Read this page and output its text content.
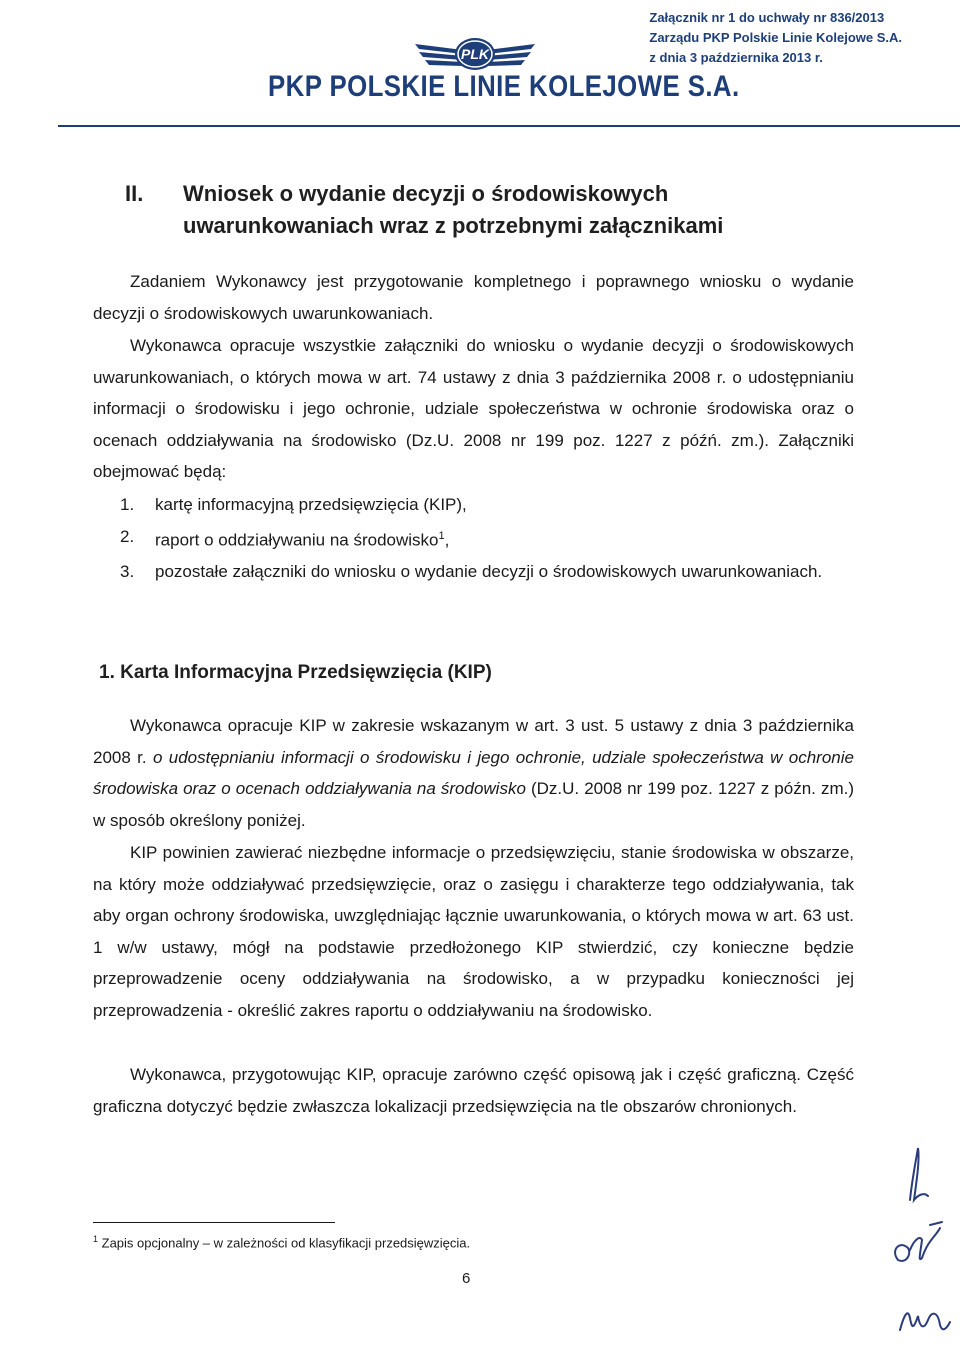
Załącznik nr 1 do uchwały nr 836/2013
Zarządu PKP Polskie Linie Kolejowe S.A.
z dnia 3 października 2013 r.
PLK
PKP POLSKIE LINIE KOLEJOWE S.A.
II. Wniosek o wydanie decyzji o środowiskowych uwarunkowaniach wraz z potrzebnymi załącznikami
Zadaniem Wykonawcy jest przygotowanie kompletnego i poprawnego wniosku o wydanie decyzji o środowiskowych uwarunkowaniach.
Wykonawca opracuje wszystkie załączniki do wniosku o wydanie decyzji o środowiskowych uwarunkowaniach, o których mowa w art. 74 ustawy z dnia 3 października 2008 r. o udostępnianiu informacji o środowisku i jego ochronie, udziale społeczeństwa w ochronie środowiska oraz o ocenach oddziaływania na środowisko (Dz.U. 2008 nr 199 poz. 1227 z późń. zm.). Załączniki obejmować będą:
1. kartę informacyjną przedsięwzięcia (KIP),
2. raport o oddziaływaniu na środowisko$^1$,
3. pozostałe załączniki do wniosku o wydanie decyzji o środowiskowych uwarunkowaniach.
1. Karta Informacyjna Przedsięwzięcia (KIP)
Wykonawca opracuje KIP w zakresie wskazanym w art. 3 ust. 5 ustawy z dnia 3 października 2008 r. o udostępnianiu informacji o środowisku i jego ochronie, udziale społeczeństwa w ochronie środowiska oraz o ocenach oddziaływania na środowisko (Dz.U. 2008 nr 199 poz. 1227 z późn. zm.) w sposób określony poniżej.
KIP powinien zawierać niezbędne informacje o przedsięwzięciu, stanie środowiska w obszarze, na który może oddziaływać przedsięwzięcie, oraz o zasięgu i charakterze tego oddziaływania, tak aby organ ochrony środowiska, uwzględniając łącznie uwarunkowania, o których mowa w art. 63 ust. 1 w/w ustawy, mógł na podstawie przedłożonego KIP stwierdzić, czy konieczne będzie przeprowadzenie oceny oddziaływania na środowisko, a w przypadku konieczności jej przeprowadzenia - określić zakres raportu o oddziaływaniu na środowisko.
Wykonawca, przygotowując KIP, opracuje zarówno część opisową jak i część graficzną. Część graficzna dotyczyć będzie zwłaszcza lokalizacji przedsięwzięcia na tle obszarów chronionych.
$^1$ Zapis opcjonalny – w zależności od klasyfikacji przedsięwzięcia.
6
